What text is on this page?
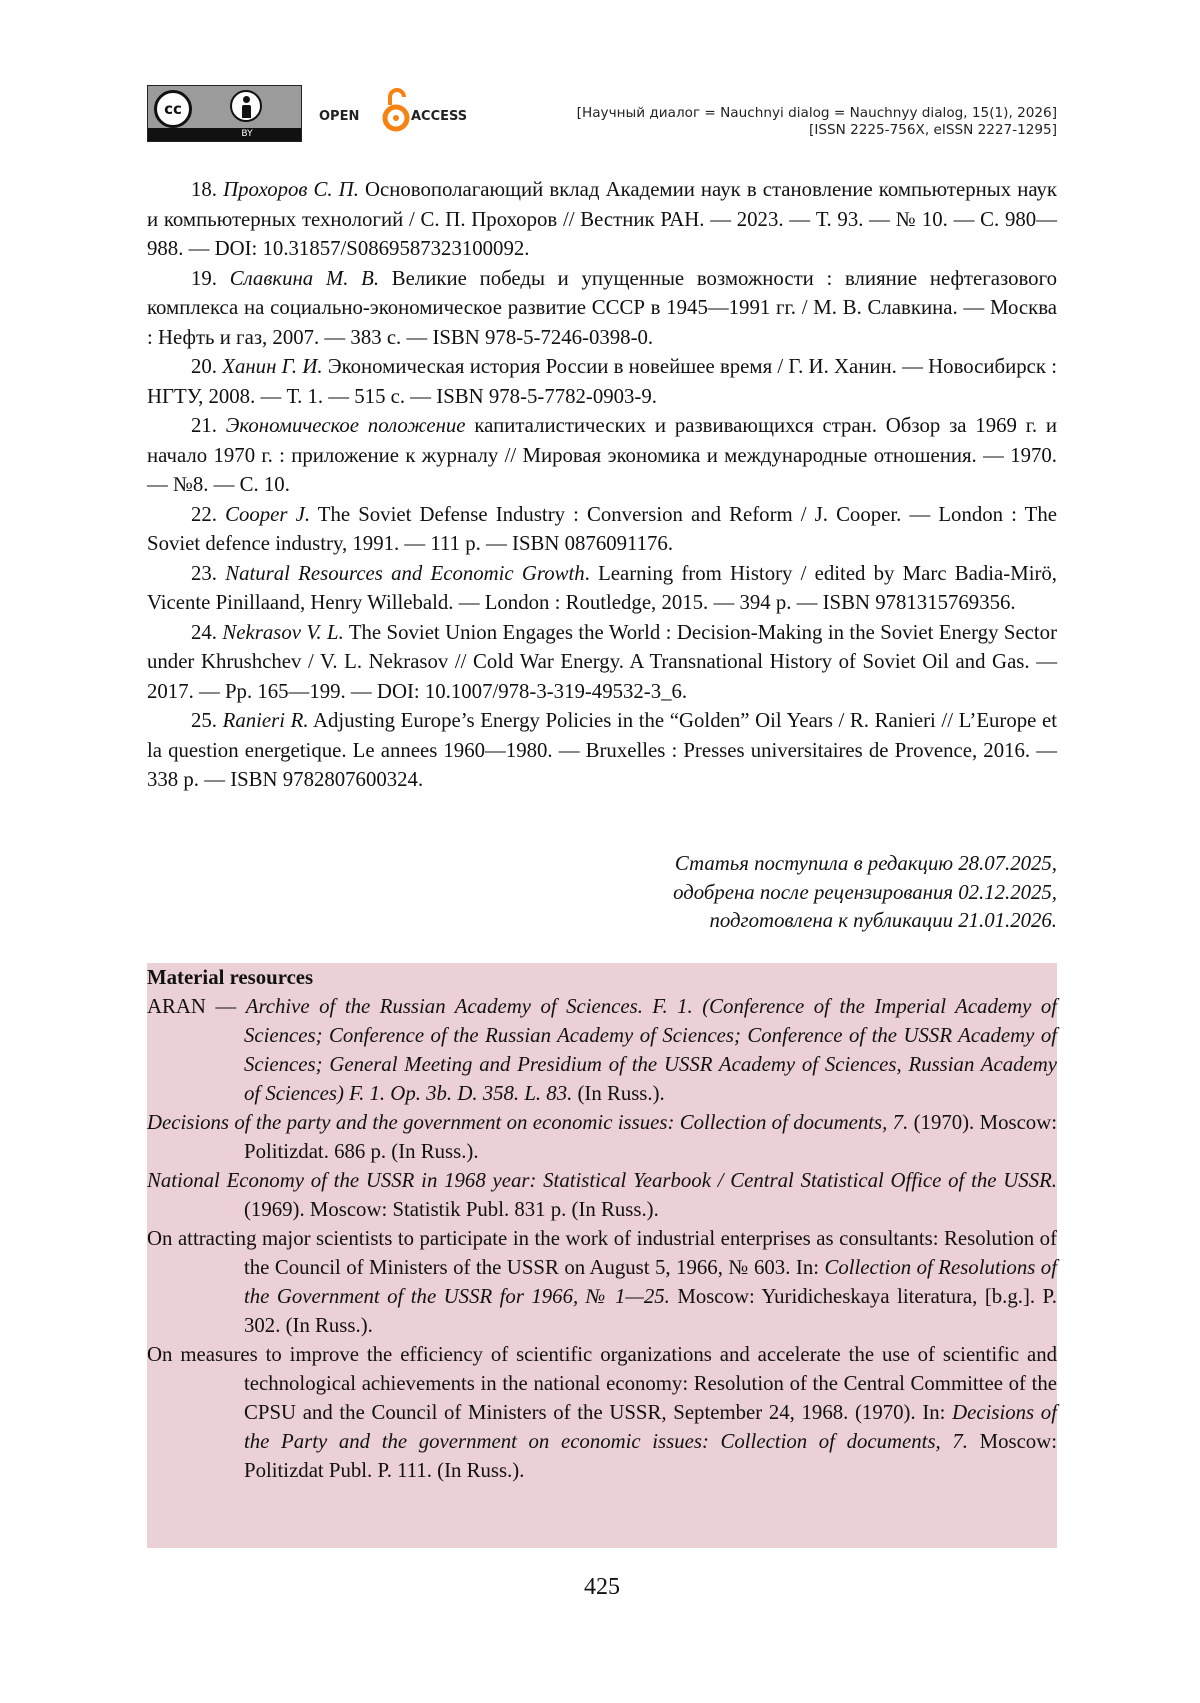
cc
BY
OPEN	ACCESS	[Научный диалог = Nauchnyi dialog = Nauchnyy dialog, 15(1), 2026]
[ISSN 2225-756X, eISSN 2227-1295]

18. Прохоров С. П. Основополагающий вклад Академии наук в становление компьютерных наук и компьютерных технологий / С. П. Прохоров // Вестник РАН. — 2023. — Т. 93. — № 10. — С. 980—988. — DOI: 10.31857/S0869587323100092.

19. Славкина М. В. Великие победы и упущенные возможности : влияние нефтегазового комплекса на социально-экономическое развитие СССР в 1945—1991 гг. / М. В. Славкина. — Москва : Нефть и газ, 2007. — 383 с. — ISBN 978-5-7246-0398-0.

20. Ханин Г. И. Экономическая история России в новейшее время / Г. И. Ханин. — Новосибирск : НГТУ, 2008. — Т. 1. — 515 с. — ISBN 978-5-7782-0903-9.

21. Экономическое положение капиталистических и развивающихся стран. Обзор за 1969 г. и начало 1970 г. : приложение к журналу // Мировая экономика и международные отношения. — 1970. — №8. — С. 10.

22. Cooper J. The Soviet Defense Industry : Conversion and Reform / J. Cooper. — London : The Soviet defence industry, 1991. — 111 p. — ISBN 0876091176.

23. Natural Resources and Economic Growth. Learning from History / edited by Marc Badia-Mirö, Vicente Pinillaand, Henry Willebald. — London : Routledge, 2015. — 394 p. — ISBN 9781315769356.

24. Nekrasov V. L. The Soviet Union Engages the World : Decision-Making in the Soviet Energy Sector under Khrushchev / V. L. Nekrasov // Cold War Energy. A Transnational History of Soviet Oil and Gas. — 2017. — Pp. 165—199. — DOI: 10.1007/978-3-319-49532-3_6.

25. Ranieri R. Adjusting Europe’s Energy Policies in the “Golden” Oil Years / R. Ranieri // L’Europe et la question energetique. Le annees 1960—1980. — Bruxelles : Presses universitaires de Provence, 2016. — 338 p. — ISBN 9782807600324.

Статья поступила в редакцию 28.07.2025,
одобрена после рецензирования 02.12.2025,
подготовлена к публикации 21.01.2026.

Material resources

ARAN — Archive of the Russian Academy of Sciences. F. 1. (Conference of the Imperial Academy of Sciences; Conference of the Russian Academy of Sciences; Conference of the USSR Academy of Sciences; General Meeting and Presidium of the USSR Academy of Sciences, Russian Academy of Sciences) F. 1. Op. 3b. D. 358. L. 83. (In Russ.).

Decisions of the party and the government on economic issues: Collection of documents, 7. (1970). Moscow: Politizdat. 686 p. (In Russ.).

National Economy of the USSR in 1968 year: Statistical Yearbook / Central Statistical Office of the USSR. (1969). Moscow: Statistik Publ. 831 p. (In Russ.).

On attracting major scientists to participate in the work of industrial enterprises as consultants: Resolution of the Council of Ministers of the USSR on August 5, 1966, № 603. In: Collection of Resolutions of the Government of the USSR for 1966, № 1—25. Moscow: Yuridicheskaya literatura, [b.g.]. P. 302. (In Russ.).

On measures to improve the efficiency of scientific organizations and accelerate the use of scientific and technological achievements in the national economy: Resolution of the Central Committee of the CPSU and the Council of Ministers of the USSR, September 24, 1968. (1970). In: Decisions of the Party and the government on economic issues: Collection of documents, 7. Moscow: Politizdat Publ. P. 111. (In Russ.).

425
